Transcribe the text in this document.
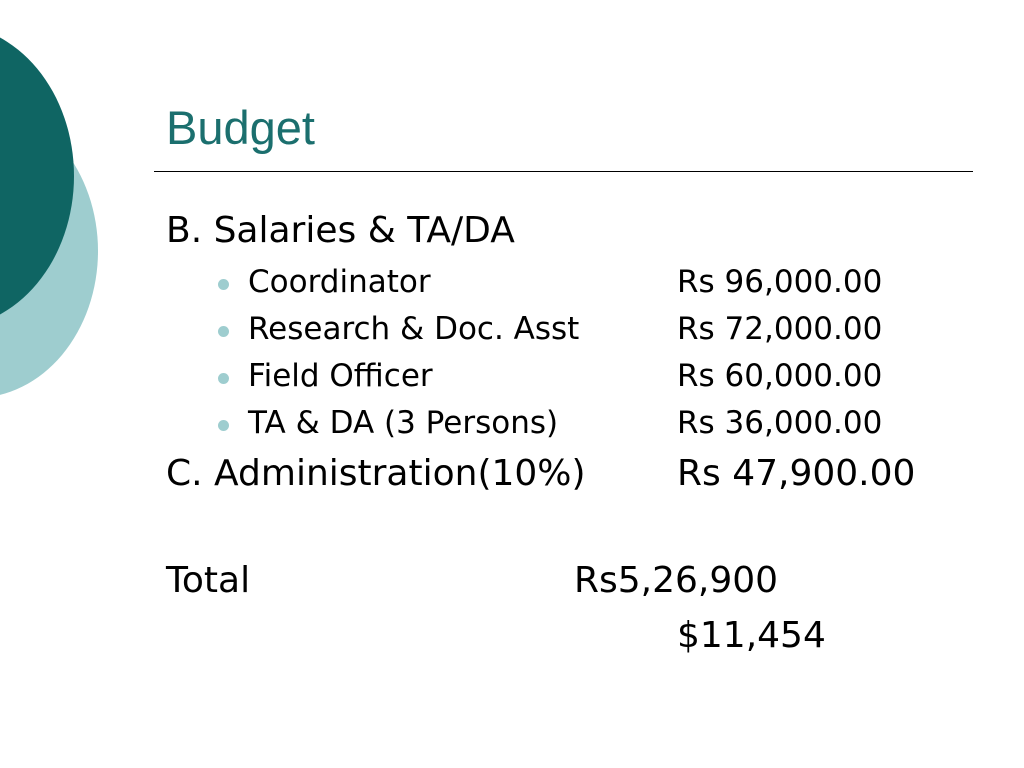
Budget
B. Salaries & TA/DA
Coordinator	Rs 96,000.00
Research & Doc. Asst	Rs 72,000.00
Field Officer	Rs 60,000.00
TA & DA (3 Persons)	Rs 36,000.00
C. Administration(10%)	Rs 47,900.00
Total	Rs5,26,900
$11,454
